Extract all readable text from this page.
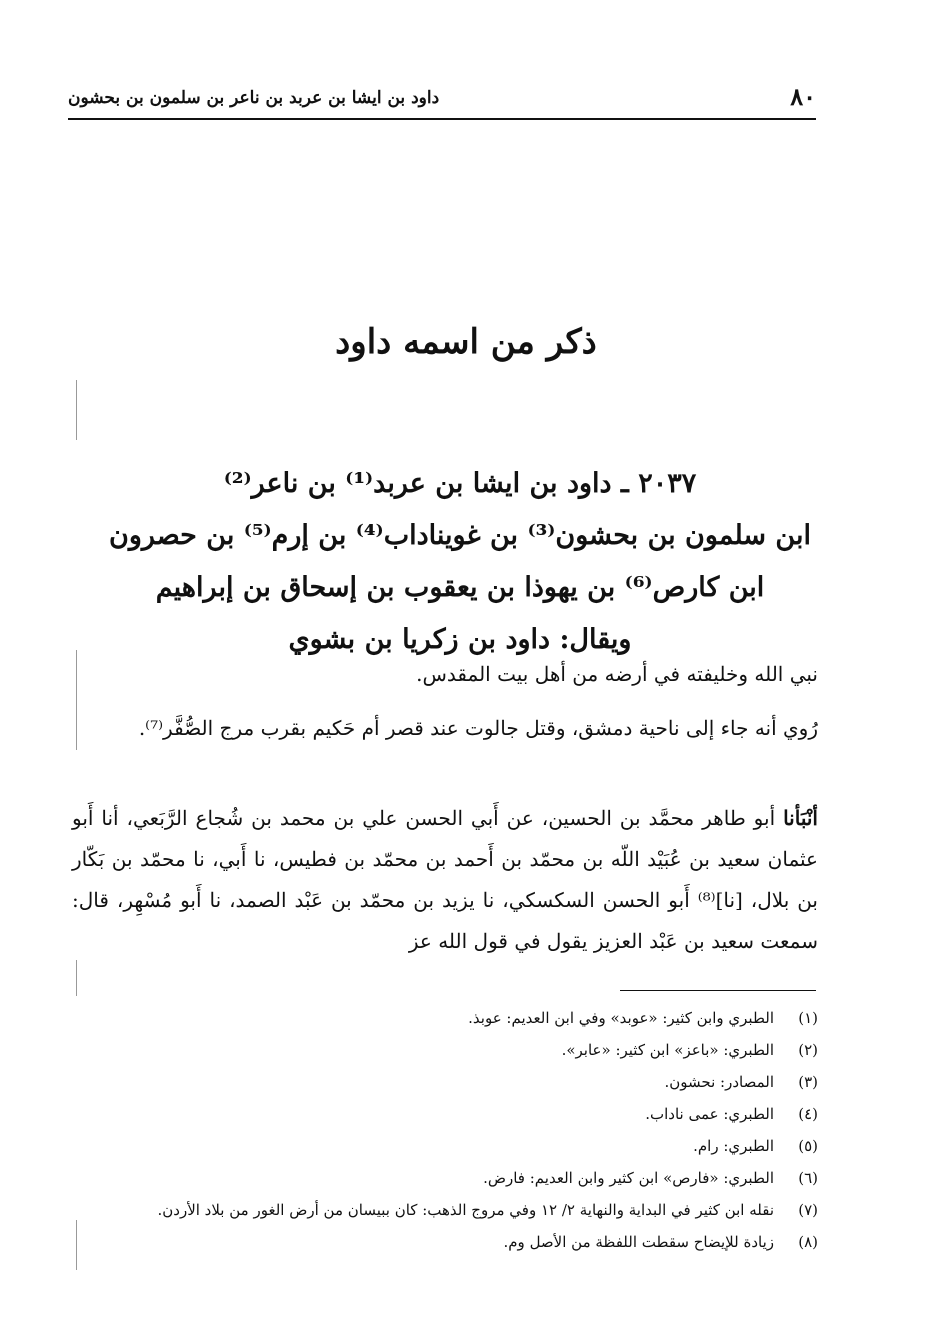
٨٠
داود بن ايشا بن عربد بن ناعر بن سلمون بن بحشون
ذكر من اسمه داود
٢٠٣٧ ـ داود بن ايشا بن عربد⁽¹⁾ بن ناعر⁽²⁾
ابن سلمون بن بحشون⁽³⁾ بن غويناداب⁽⁴⁾ بن إرم⁽⁵⁾ بن حصرون
ابن كارص⁽⁶⁾ بن يهوذا بن يعقوب بن إسحاق بن إبراهيم
ويقال: داود بن زكريا بن بشوي
نبي الله وخليفته في أرضه من أهل بيت المقدس.
رُوي أنه جاء إلى ناحية دمشق، وقتل جالوت عند قصر أم حَكيم بقرب مرج الصُّفَّر⁽⁷⁾.
أنْبَأنا أبو طاهر محمَّد بن الحسين، عن أَبي الحسن علي بن محمد بن شُجاع الرَّبَعي، أنا أَبو عثمان سعيد بن عُبَيْد اللّه بن محمّد بن أَحمد بن محمّد بن فطيس، نا أَبي، نا محمّد بن بَكّار بن بلال، [نا]⁽⁸⁾ أَبو الحسن السكسكي، نا يزيد بن محمّد بن عَبْد الصمد، نا أَبو مُسْهِر، قال: سمعت سعيد بن عَبْد العزيز يقول في قول الله عز
(١)
الطبري وابن كثير: «عوبد» وفي ابن العديم: عوبذ.
(٢)
الطبري: «باعز» ابن كثير: «عابر».
(٣)
المصادر: نحشون.
(٤)
الطبري: عمى ناداب.
(٥)
الطبري: رام.
(٦)
الطبري: «فارص» ابن كثير وابن العديم: فارض.
(٧)
نقله ابن كثير في البداية والنهاية ٢/ ١٢ وفي مروج الذهب: كان ببيسان من أرض الغور من بلاد الأردن.
(٨)
زيادة للإيضاح سقطت اللفظة من الأصل وم.
